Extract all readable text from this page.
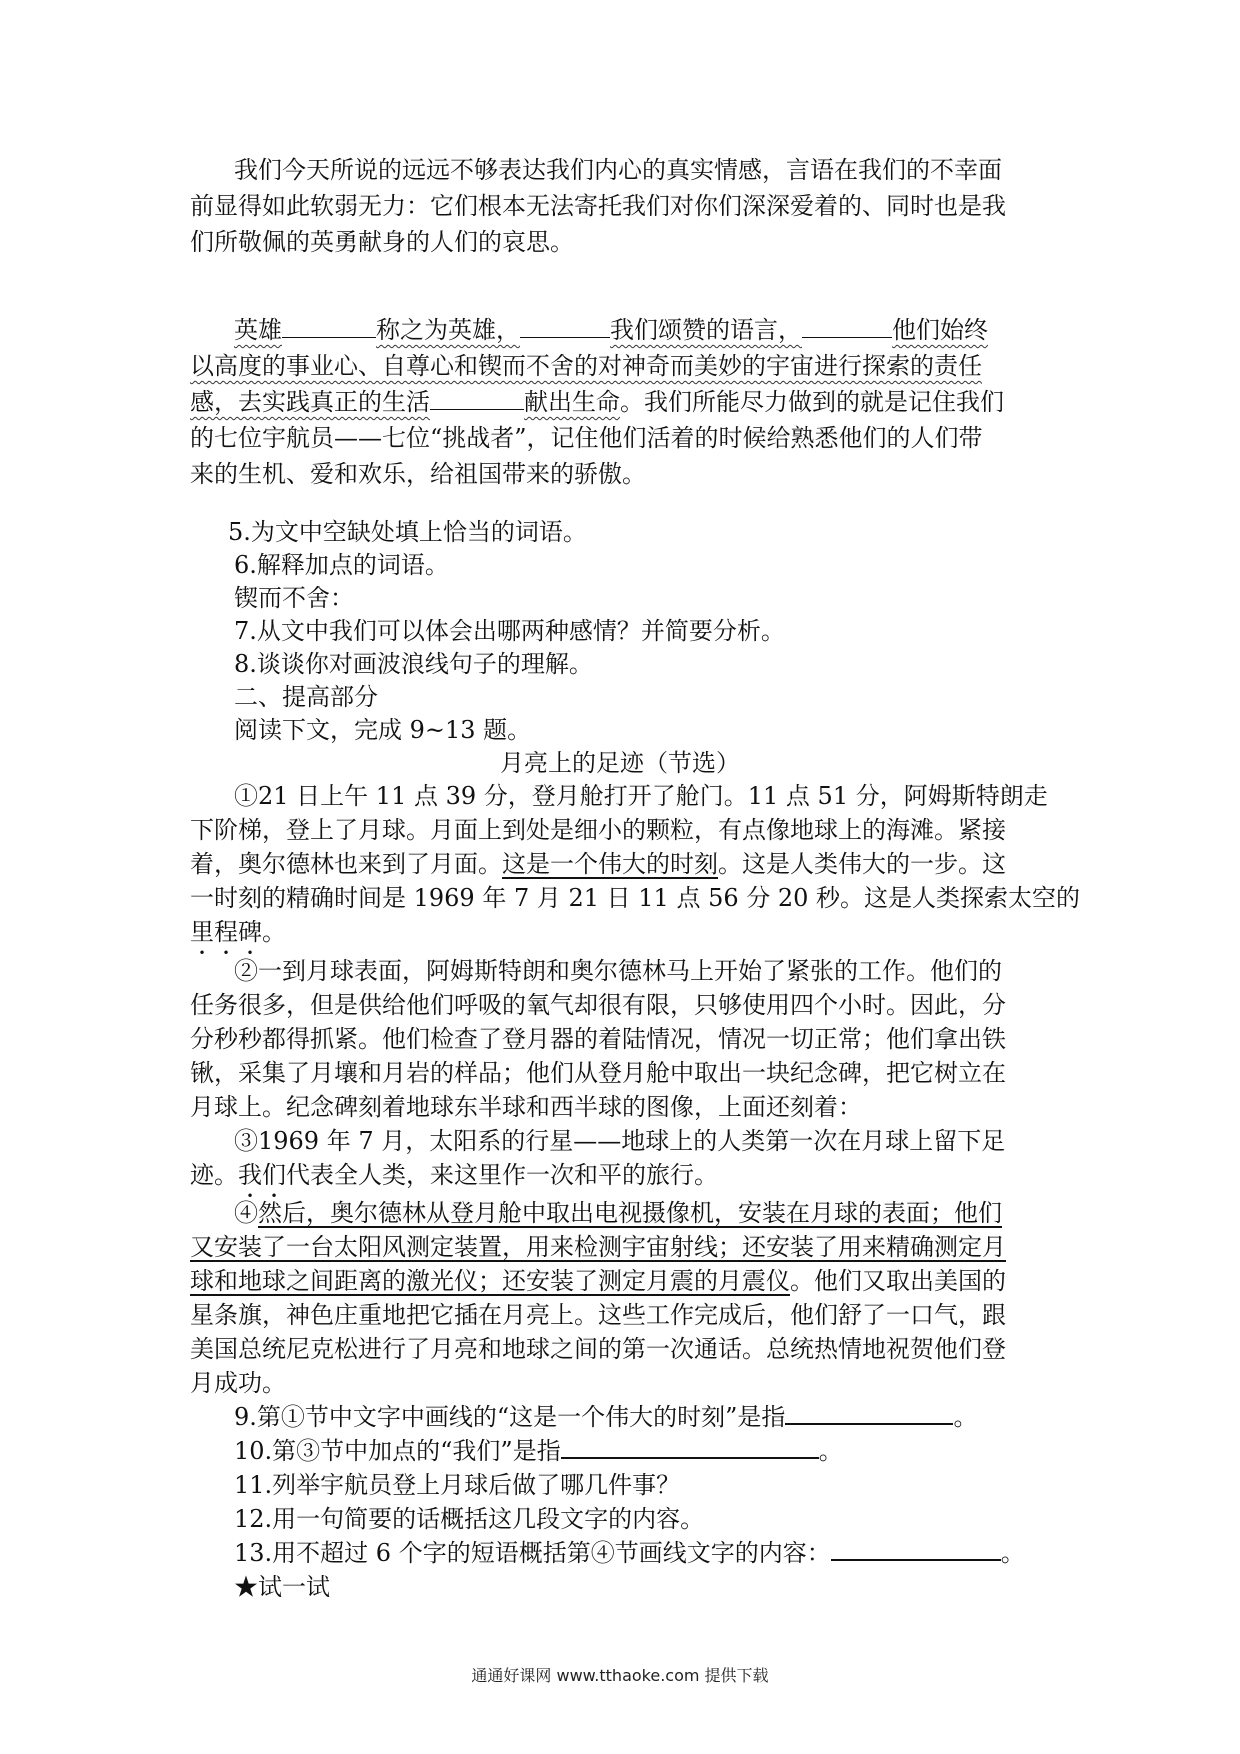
我们今天所说的远远不够表达我们内心的真实情感，言语在我们的不幸面
前显得如此软弱无力：它们根本无法寄托我们对你们深深爱着的、同时也是我
们所敬佩的英勇献身的人们的哀思。
英雄	称之为英雄，	我们颂赞的语言，	他们始终
以高度的事业心、自尊心和锲而不舍的对神奇而美妙的宇宙进行探索的责任
感，去实践真正的生活	献出生命。我们所能尽力做到的就是记住我们
的七位宇航员——七位“挑战者”，记住他们活着的时候给熟悉他们的人们带
来的生机、爱和欢乐，给祖国带来的骄傲。
5.为文中空缺处填上恰当的词语。
6.解释加点的词语。
锲而不舍：
7.从文中我们可以体会出哪两种感情？并简要分析。
8.谈谈你对画波浪线句子的理解。
二、提高部分
阅读下文，完成 9~13 题。
月亮上的足迹（节选）
①21 日上午 11 点 39 分，登月舱打开了舱门。11 点 51 分，阿姆斯特朗走
下阶梯，登上了月球。月面上到处是细小的颗粒，有点像地球上的海滩。紧接
着，奥尔德林也来到了月面。这是一个伟大的时刻。这是人类伟大的一步。这
一时刻的精确时间是 1969 年 7 月 21 日 11 点 56 分 20 秒。这是人类探索太空的
里程碑。
②一到月球表面，阿姆斯特朗和奥尔德林马上开始了紧张的工作。他们的
任务很多，但是供给他们呼吸的氧气却很有限，只够使用四个小时。因此，分
分秒秒都得抓紧。他们检查了登月器的着陆情况，情况一切正常；他们拿出铁
锹，采集了月壤和月岩的样品；他们从登月舱中取出一块纪念碑，把它树立在
月球上。纪念碑刻着地球东半球和西半球的图像，上面还刻着：
③1969 年 7 月，太阳系的行星——地球上的人类第一次在月球上留下足
迹。我们代表全人类，来这里作一次和平的旅行。
④然后，奥尔德林从登月舱中取出电视摄像机，安装在月球的表面；他们
又安装了一台太阳风测定装置，用来检测宇宙射线；还安装了用来精确测定月
球和地球之间距离的激光仪；还安装了测定月震的月震仪。他们又取出美国的
星条旗，神色庄重地把它插在月亮上。这些工作完成后，他们舒了一口气，跟
美国总统尼克松进行了月亮和地球之间的第一次通话。总统热情地祝贺他们登
月成功。
9.第①节中文字中画线的“这是一个伟大的时刻”是指	。
10.第③节中加点的“我们”是指	。
11.列举宇航员登上月球后做了哪几件事？
12.用一句简要的话概括这几段文字的内容。
13.用不超过 6 个字的短语概括第④节画线文字的内容：	。
★试一试
通通好课网 www.tthaoke.com 提供下载
